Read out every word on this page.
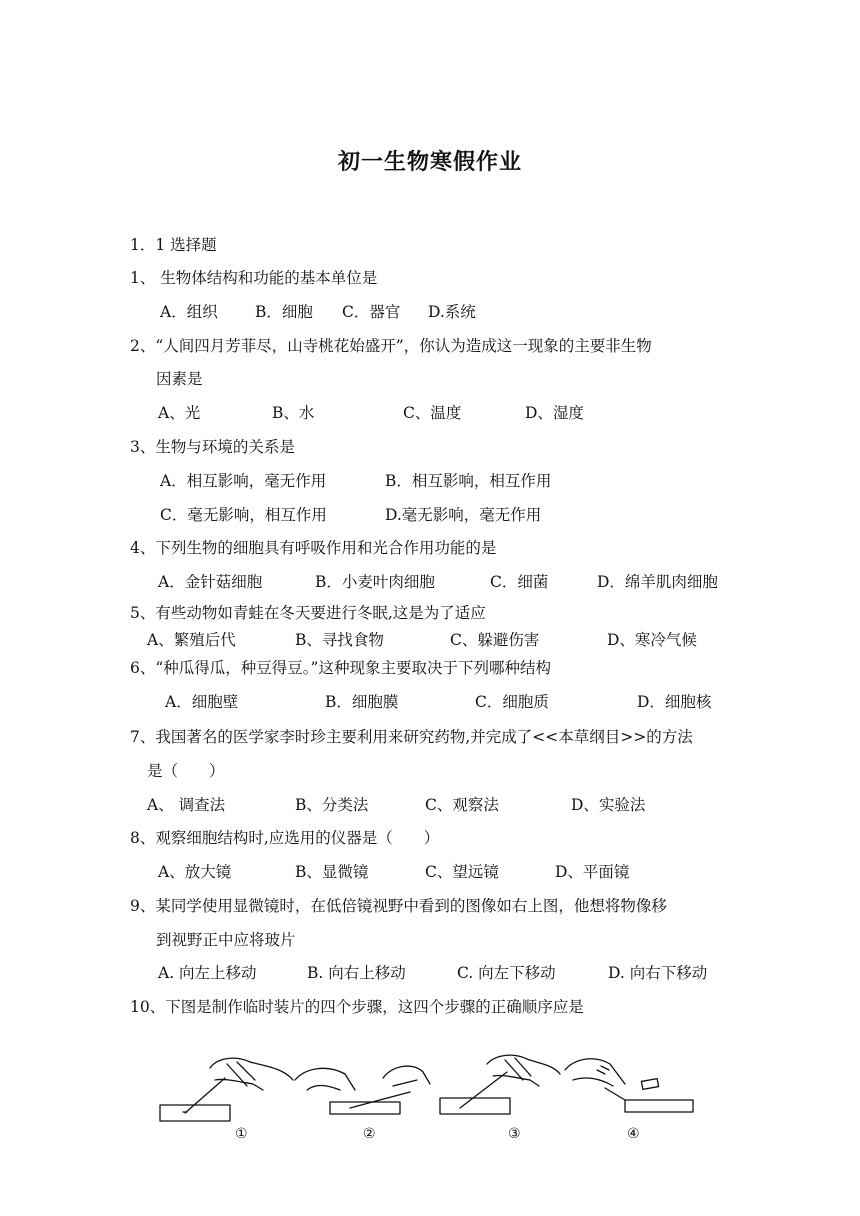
初一生物寒假作业
1．1 选择题
1、 生物体结构和功能的基本单位是
A．组织 B．细胞 C．器官 D.系统
2、“人间四月芳菲尽，山寺桃花始盛开”，你认为造成这一现象的主要非生物
因素是
A、光	B、水	C、温度	D、湿度
3、生物与环境的关系是
A．相互影响，毫无作用	B．相互影响，相互作用
C．毫无影响，相互作用	D.毫无影响，毫无作用
4、下列生物的细胞具有呼吸作用和光合作用功能的是
A．金针菇细胞	B．小麦叶肉细胞	C．细菌	D．绵羊肌肉细胞
5、有些动物如青蛙在冬天要进行冬眠,这是为了适应
A、繁殖后代	B、寻找食物	C、躲避伤害	D、寒冷气候
6、“种瓜得瓜，种豆得豆。”这种现象主要取决于下列哪种结构
A．细胞壁	B．细胞膜	C．细胞质	D．细胞核
7、我国著名的医学家李时珍主要利用来研究药物,并完成了<<本草纲目>>的方法
是（　　）
A、 调查法	B、分类法	C、观察法	D、实验法
8、观察细胞结构时,应选用的仪器是（　　）
A、放大镜	B、显微镜	C、望远镜	D、平面镜
9、某同学使用显微镜时，在低倍镜视野中看到的图像如右上图，他想将物像移
到视野正中应将玻片
A. 向左上移动	B. 向右上移动	C. 向左下移动	D. 向右下移动
10、下图是制作临时装片的四个步骤，这四个步骤的正确顺序应是
①	②	③	④
